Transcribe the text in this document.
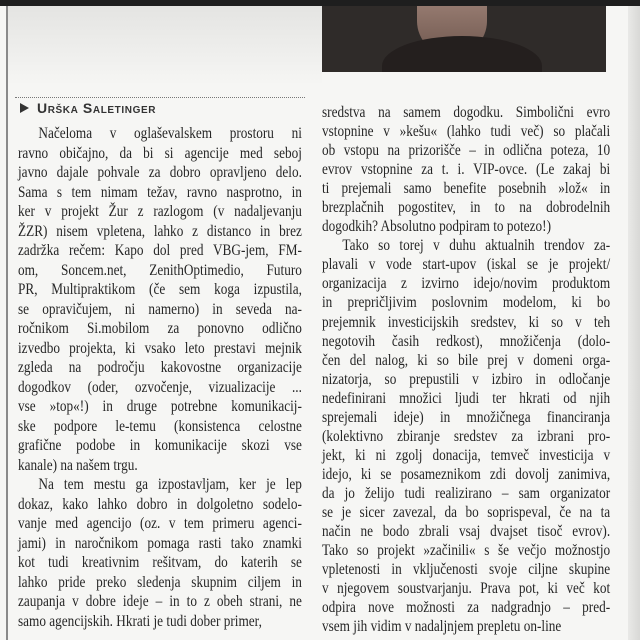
Urška Saletinger
Načeloma v oglaševalskem prostoru ni
ravno običajno, da bi si agencije med seboj
javno dajale pohvale za dobro opravljeno delo.
Sama s tem nimam težav, ravno nasprotno, in
ker v projekt Žur z razlogom (v nadaljevanju
ŽZR) nisem vpletena, lahko z distanco in brez
zadržka rečem: Kapo dol pred VBG-jem, FM-
om, Soncem.net, ZenithOptimedio, Futuro
PR, Multipraktikom (če sem koga izpustila,
se opravičujem, ni namerno) in seveda na-
ročnikom Si.mobilom za ponovno odlično
izvedbo projekta, ki vsako leto prestavi mejnik
zgleda na področju kakovostne organizacije
dogodkov (oder, ozvočenje, vizualizacije ...
vse »top«!) in druge potrebne komunikacij-
ske podpore le-temu (konsistenca celostne
grafične podobe in komunikacije skozi vse
kanale) na našem trgu.
Na tem mestu ga izpostavljam, ker je lep
dokaz, kako lahko dobro in dolgoletno sodelo-
vanje med agencijo (oz. v tem primeru agenci-
jami) in naročnikom pomaga rasti tako znamki
kot tudi kreativnim rešitvam, do katerih se
lahko pride preko sledenja skupnim ciljem in
zaupanja v dobre ideje – in to z obeh strani, ne
samo agencijskih. Hkrati je tudi dober primer,
sredstva na samem dogodku. Simbolični evro
vstopnine v »kešu« (lahko tudi več) so plačali
ob vstopu na prizorišče – in odlična poteza, 10
evrov vstopnine za t. i. VIP-ovce. (Le zakaj bi
ti prejemali samo benefite posebnih »lož« in
brezplačnih pogostitev, in to na dobrodelnih
dogodkih? Absolutno podpiram to potezo!)
Tako so torej v duhu aktualnih trendov za-
plavali v vode start-upov (iskal se je projekt/
organizacija z izvirno idejo/novim produktom
in prepričljivim poslovnim modelom, ki bo
prejemnik investicijskih sredstev, ki so v teh
negotovih časih redkost), množičenja (dolo-
čen del nalog, ki so bile prej v domeni orga-
nizatorja, so prepustili v izbiro in odločanje
nedefinirani množici ljudi ter hkrati od njih
sprejemali ideje) in množičnega financiranja
(kolektivno zbiranje sredstev za izbrani pro-
jekt, ki ni zgolj donacija, temveč investicija v
idejo, ki se posameznikom zdi dovolj zanimiva,
da jo želijo tudi realizirano – sam organizator
se je sicer zavezal, da bo soprispeval, če na ta
način ne bodo zbrali vsaj dvajset tisoč evrov).
Tako so projekt »začinili« s še večjo možnostjo
vpletenosti in vključenosti svoje ciljne skupine
v njegovem soustvarjanju. Prava pot, ki več kot
odpira nove možnosti za nadgradnjo – pred-
vsem jih vidim v nadaljnjem prepletu on-line
